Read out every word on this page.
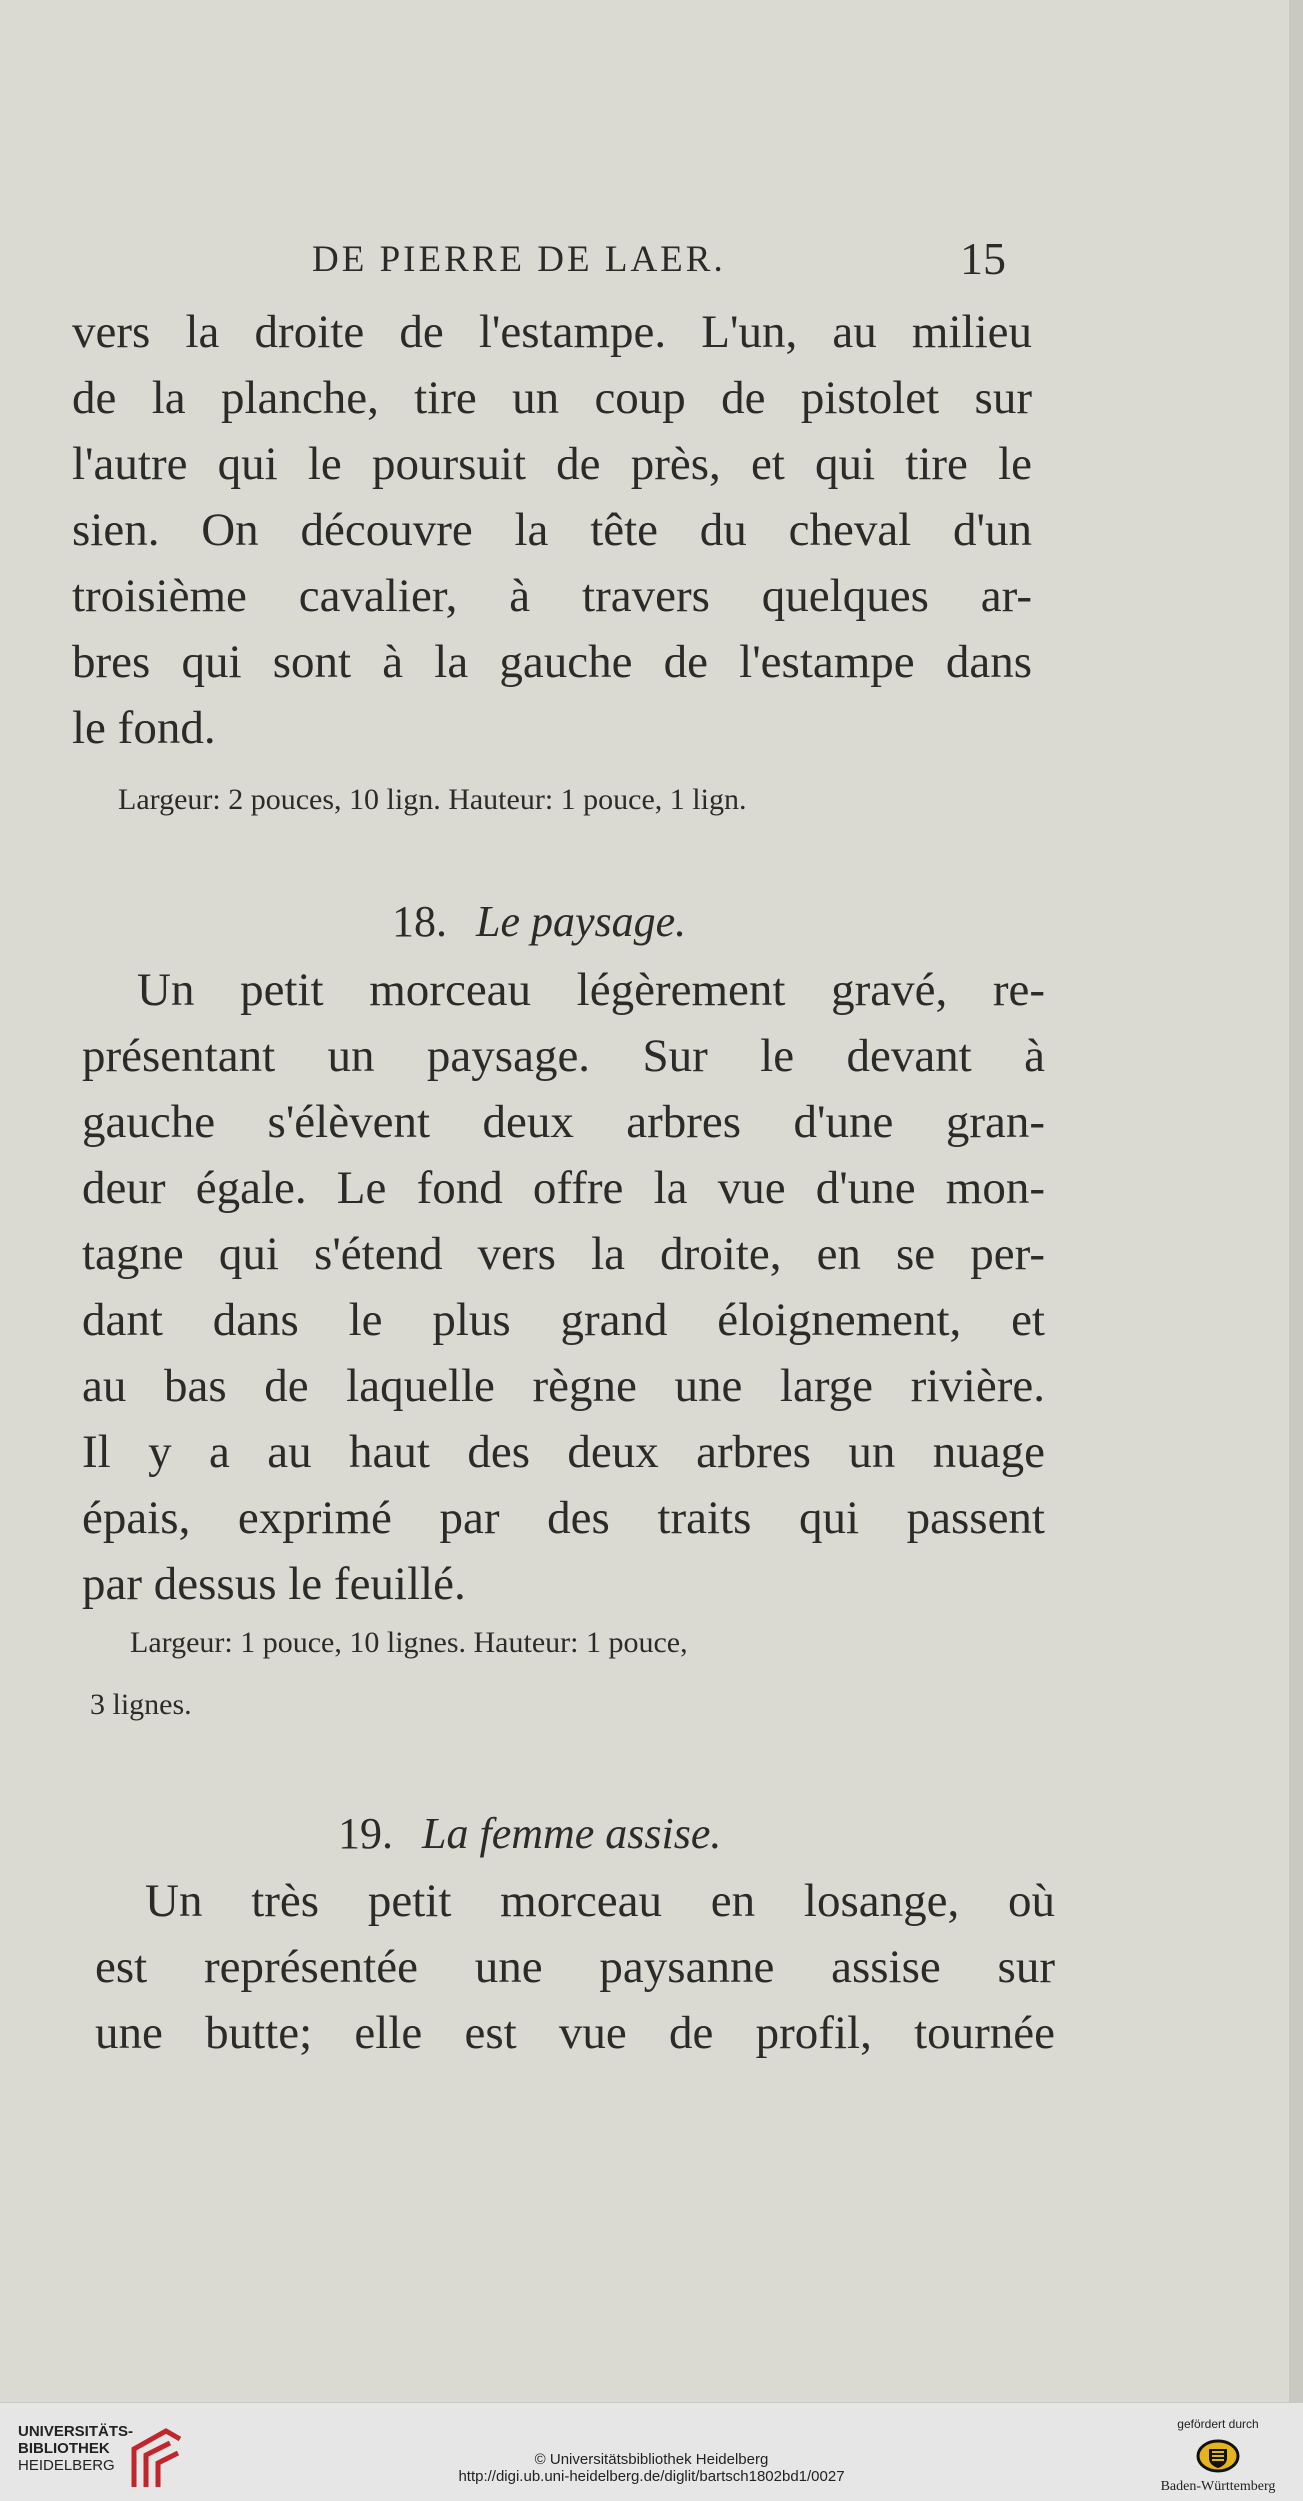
DE PIERRE DE LAER.	15
vers la droite de l'estampe. L'un, au milieu
de la planche, tire un coup de pistolet sur
l'autre qui le poursuit de près, et qui tire le
sien. On découvre la tête du cheval d'un
troisième cavalier, à travers quelques ar-
bres qui sont à la gauche de l'estampe dans
le fond.
Largeur: 2 pouces, 10 lign. Hauteur: 1 pouce, 1 lign.
18. Le paysage.
Un petit morceau légèrement gravé, re-
présentant un paysage. Sur le devant à
gauche s'élèvent deux arbres d'une gran-
deur égale. Le fond offre la vue d'une mon-
tagne qui s'étend vers la droite, en se per-
dant dans le plus grand éloignement, et
au bas de laquelle règne une large rivière.
Il y a au haut des deux arbres un nuage
épais, exprimé par des traits qui passent
par dessus le feuillé.
Largeur: 1 pouce, 10 lignes. Hauteur: 1 pouce,
3 lignes.
19. La femme assise.
Un très petit morceau en losange, où
est représentée une paysanne assise sur
une butte; elle est vue de profil, tournée
UNIVERSITÄTS-
BIBLIOTHEK
HEIDELBERG	© Universitätsbibliothek Heidelberg
http://digi.ub.uni-heidelberg.de/diglit/bartsch1802bd1/0027
gefördert durch
Baden-Württemberg
